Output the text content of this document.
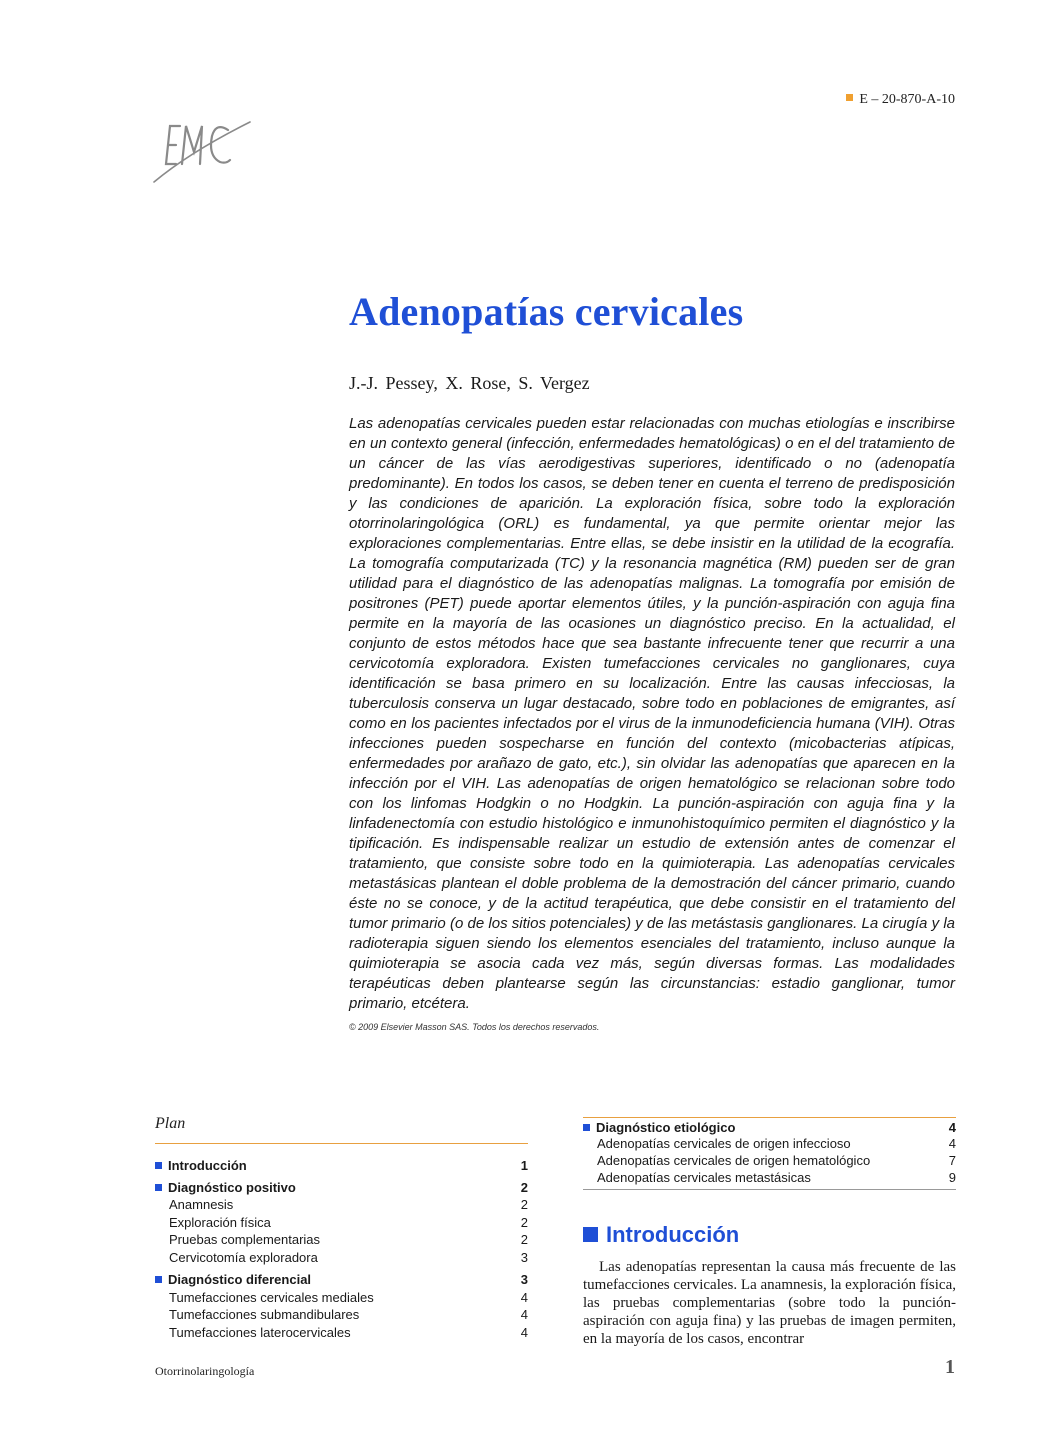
E – 20-870-A-10
Adenopatías cervicales
J.-J. Pessey, X. Rose, S. Vergez

Las adenopatías cervicales pueden estar relacionadas con muchas etiologías e inscribirse en un contexto general (infección, enfermedades hematológicas) o en el del tratamiento de un cáncer de las vías aerodigestivas superiores, identificado o no (adenopatía predominante). En todos los casos, se deben tener en cuenta el terreno de predisposición y las condiciones de aparición. La exploración física, sobre todo la exploración otorrinolaringológica (ORL) es fundamental, ya que permite orientar mejor las exploraciones complementarias. Entre ellas, se debe insistir en la utilidad de la ecografía. La tomografía computarizada (TC) y la resonancia magnética (RM) pueden ser de gran utilidad para el diagnóstico de las adenopatías malignas. La tomografía por emisión de positrones (PET) puede aportar elementos útiles, y la punción-aspiración con aguja fina permite en la mayoría de las ocasiones un diagnóstico preciso. En la actualidad, el conjunto de estos métodos hace que sea bastante infrecuente tener que recurrir a una cervicotomía exploradora. Existen tumefacciones cervicales no ganglionares, cuya identificación se basa primero en su localización. Entre las causas infecciosas, la tuberculosis conserva un lugar destacado, sobre todo en poblaciones de emigrantes, así como en los pacientes infectados por el virus de la inmunodeficiencia humana (VIH). Otras infecciones pueden sospecharse en función del contexto (micobacterias atípicas, enfermedades por arañazo de gato, etc.), sin olvidar las adenopatías que aparecen en la infección por el VIH. Las adenopatías de origen hematológico se relacionan sobre todo con los linfomas Hodgkin o no Hodgkin. La punción-aspiración con aguja fina y la linfadenectomía con estudio histológico e inmunohistoquímico permiten el diagnóstico y la tipificación. Es indispensable realizar un estudio de extensión antes de comenzar el tratamiento, que consiste sobre todo en la quimioterapia. Las adenopatías cervicales metastásicas plantean el doble problema de la demostración del cáncer primario, cuando éste no se conoce, y de la actitud terapéutica, que debe consistir en el tratamiento del tumor primario (o de los sitios potenciales) y de las metástasis ganglionares. La cirugía y la radioterapia siguen siendo los elementos esenciales del tratamiento, incluso aunque la quimioterapia se asocia cada vez más, según diversas formas. Las modalidades terapéuticas deben plantearse según las circunstancias: estadio ganglionar, tumor primario, etcétera.

© 2009 Elsevier Masson SAS. Todos los derechos reservados.
Plan
Introducción	1
Diagnóstico positivo	2
Anamnesis	2
Exploración física	2
Pruebas complementarias	2
Cervicotomía exploradora	3
Diagnóstico diferencial	3
Tumefacciones cervicales mediales	4
Tumefacciones submandibulares	4
Tumefacciones laterocervicales	4
Diagnóstico etiológico	4
Adenopatías cervicales de origen infeccioso	4
Adenopatías cervicales de origen hematológico	7
Adenopatías cervicales metastásicas	9
Introducción

Las adenopatías representan la causa más frecuente de las tumefacciones cervicales. La anamnesis, la exploración física, las pruebas complementarias (sobre todo la punción-aspiración con aguja fina) y las pruebas de imagen permiten, en la mayoría de los casos, encontrar

Otorrinolaringología	1
